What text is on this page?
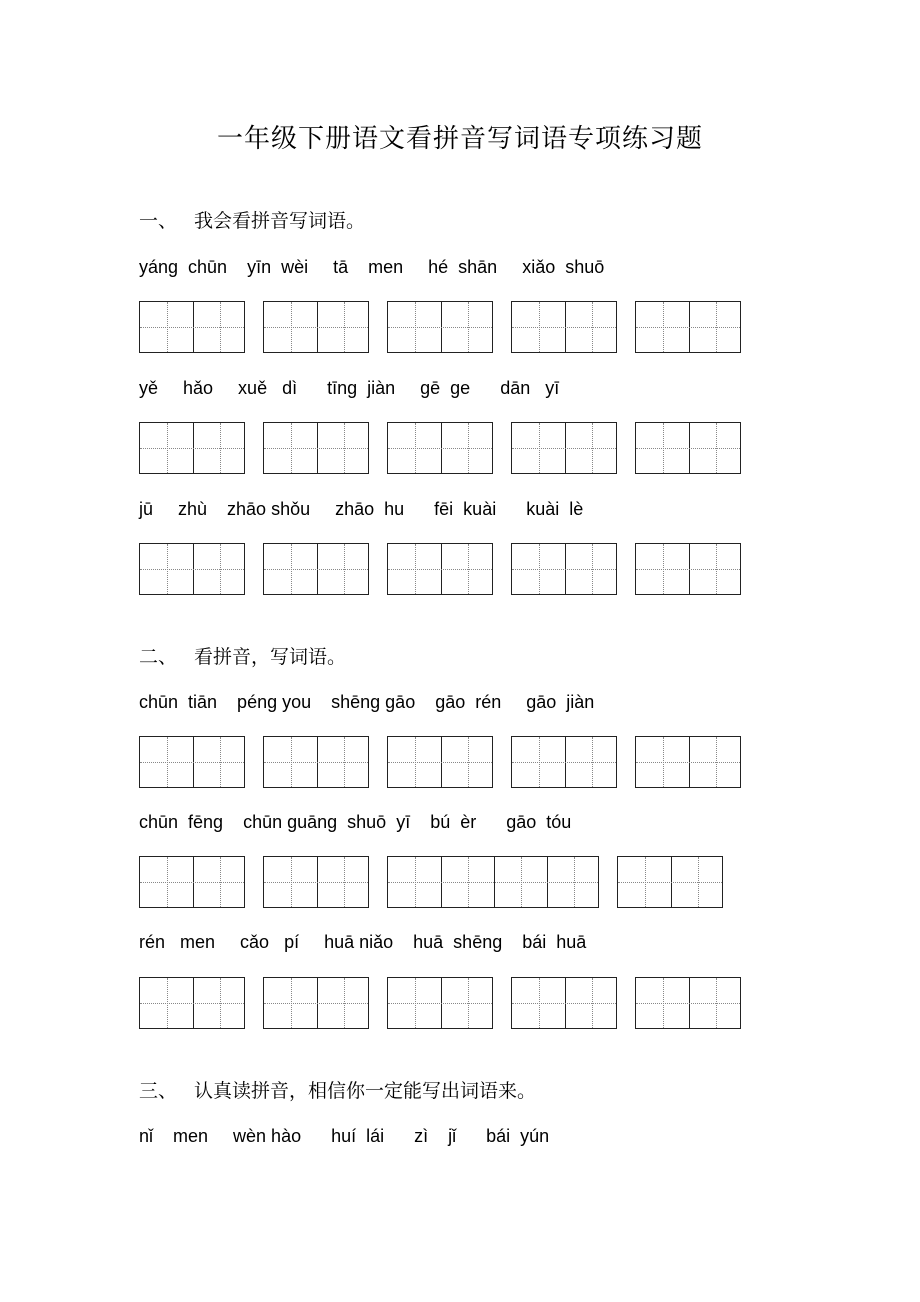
一年级下册语文看拼音写词语专项练习题
一、 我会看拼音写词语。
yáng  chūn    yīn  wèi     tā    men     hé  shān     xiǎo  shuō
yě     hǎo     xuě   dì      tīng  jiàn     gē  ge      dān   yī
jū     zhù    zhāo shǒu     zhāo  hu      fēi  kuài      kuài  lè
二、 看拼音，写词语。
chūn  tiān    péng you    shēng gāo    gāo  rén     gāo  jiàn
chūn  fēng    chūn guāng  shuō  yī    bú  èr      gāo  tóu
rén   men     cǎo   pí     huā niǎo    huā  shēng    bái  huā
三、 认真读拼音，相信你一定能写出词语来。
nǐ    men     wèn hào      huí  lái      zì    jǐ      bái  yún
